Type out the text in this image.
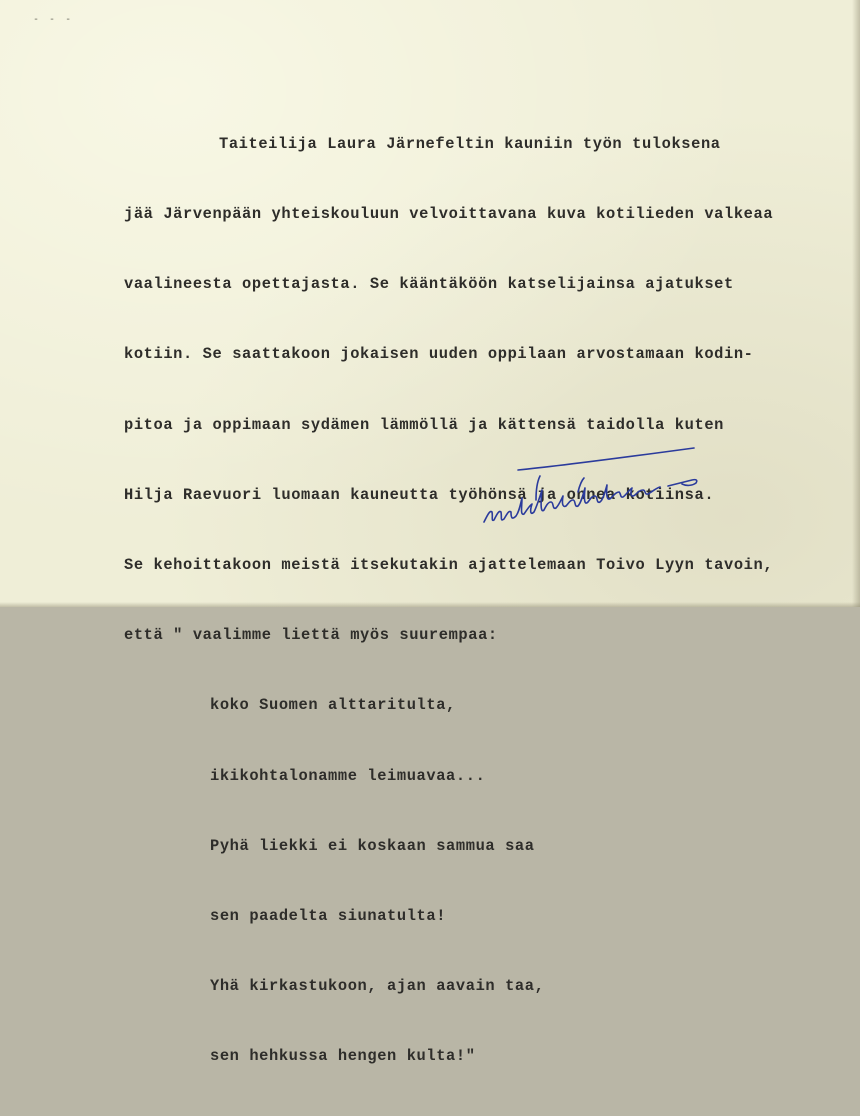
- - -

Taiteilija Laura Järnefeltin kauniin työn tuloksena

jää Järvenpään yhteiskouluun velvoittavana kuva kotilieden valkeaa

vaalineesta opettajasta. Se kääntäköön katselijainsa ajatukset

kotiin. Se saattakoon jokaisen uuden oppilaan arvostamaan kodin-

pitoa ja oppimaan sydämen lämmöllä ja kättensä taidolla kuten

Hilja Raevuori luomaan kauneutta työhönsä ja onnea kotiinsa.

Se kehoittakoon meistä itsekutakin ajattelemaan Toivo Lyyn tavoin,

että " vaalimme liettä myös suurempaa:

koko Suomen alttaritulta,

ikikohtalonamme leimuavaa...

Pyhä liekki ei koskaan sammua saa

sen paadelta siunatulta!

Yhä kirkastukoon, ajan aavain taa,

sen hehkussa hengen kulta!"
